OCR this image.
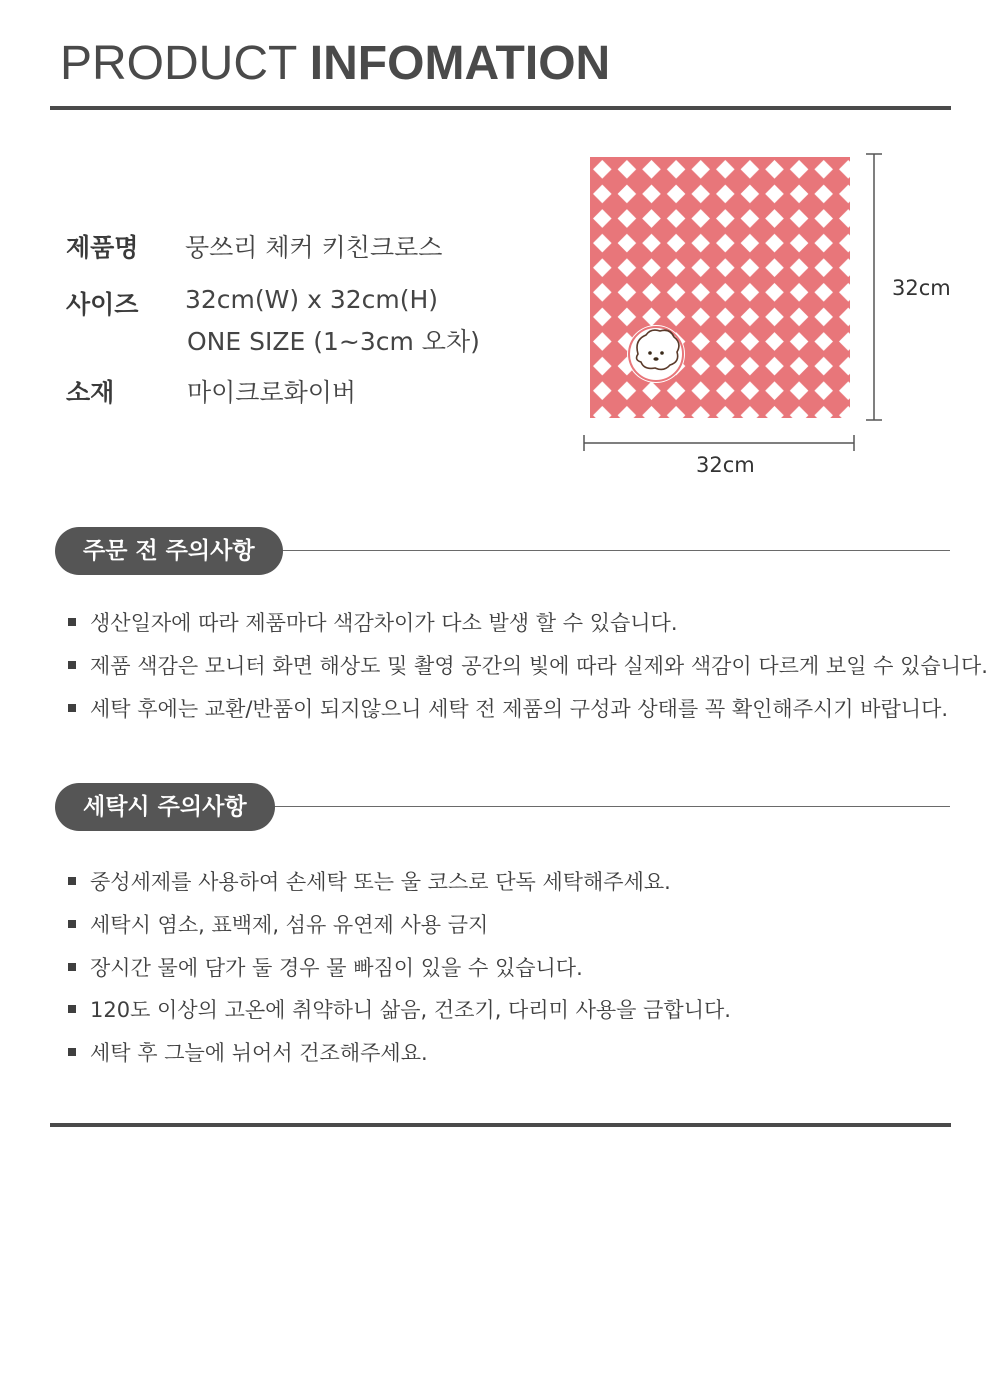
PRODUCT INFOMATION
제품명 뭉쓰리 체커 키친크로스
사이즈 32cm(W) x 32cm(H)
ONE SIZE (1~3cm 오차)
소재	마이크로화이버
32cm
32cm
주문 전 주의사항
생산일자에 따라 제품마다 색감차이가 다소 발생 할 수 있습니다.
제품 색감은 모니터 화면 해상도 및 촬영 공간의 빛에 따라 실제와 색감이 다르게 보일 수 있습니다.
세탁 후에는 교환/반품이 되지않으니 세탁 전 제품의 구성과 상태를 꼭 확인해주시기 바랍니다.
세탁시 주의사항
중성세제를 사용하여 손세탁 또는 울 코스로 단독 세탁해주세요.
세탁시 염소, 표백제, 섬유 유연제 사용 금지
장시간 물에 담가 둘 경우 물 빠짐이 있을 수 있습니다.
120도 이상의 고온에 취약하니 삶음, 건조기, 다리미 사용을 금합니다.
세탁 후 그늘에 뉘어서 건조해주세요.
